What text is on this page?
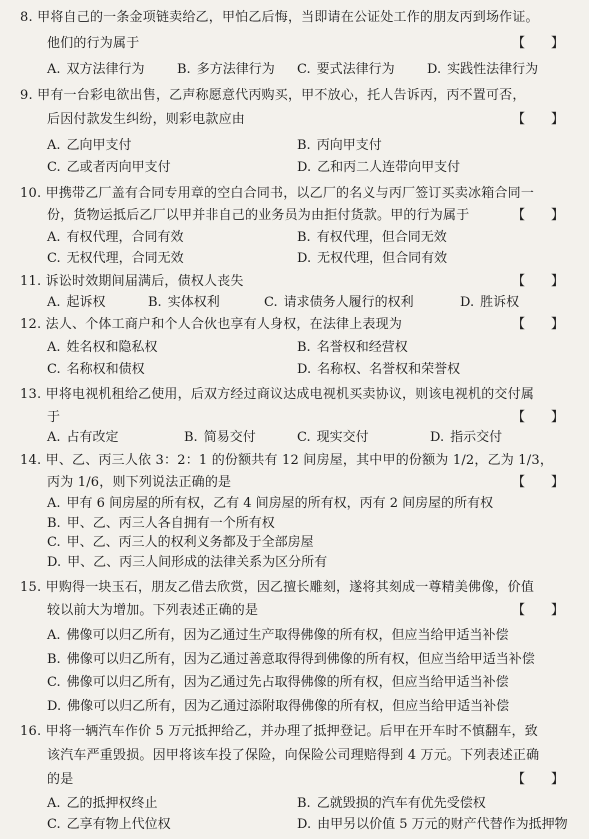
8. 甲将自己的一条金项链卖给乙，甲怕乙后悔，当即请在公证处工作的朋友丙到场作证。
他们的行为属于	【　　】
A. 双方法律行为 B. 多方法律行为 C. 要式法律行为 D. 实践性法律行为
9. 甲有一台彩电欲出售，乙声称愿意代丙购买，甲不放心，托人告诉丙，丙不置可否，
后因付款发生纠纷，则彩电款应由	【　　】
A. 乙向甲支付	B. 丙向甲支付
C. 乙或者丙向甲支付	D. 乙和丙二人连带向甲支付
10. 甲携带乙厂盖有合同专用章的空白合同书，以乙厂的名义与丙厂签订买卖冰箱合同一
份，货物运抵后乙厂以甲并非自己的业务员为由拒付货款。甲的行为属于	【　　】
A. 有权代理，合同有效	B. 有权代理，但合同无效
C. 无权代理，合同无效	D. 无权代理，但合同有效
11. 诉讼时效期间届满后，债权人丧失	【　　】
A. 起诉权	B. 实体权利	C. 请求债务人履行的权利	D. 胜诉权
12. 法人、个体工商户和个人合伙也享有人身权，在法律上表现为	【　　】
A. 姓名权和隐私权	B. 名誉权和经营权
C. 名称权和债权	D. 名称权、名誉权和荣誉权
13. 甲将电视机租给乙使用，后双方经过商议达成电视机买卖协议，则该电视机的交付属
于	【　　】
A. 占有改定	B. 简易交付	C. 现实交付	D. 指示交付
14. 甲、乙、丙三人依 3：2：1 的份额共有 12 间房屋，其中甲的份额为 1/2，乙为 1/3，
丙为 1/6，则下列说法正确的是	【　　】
A. 甲有 6 间房屋的所有权，乙有 4 间房屋的所有权，丙有 2 间房屋的所有权
B. 甲、乙、丙三人各自拥有一个所有权
C. 甲、乙、丙三人的权利义务都及于全部房屋
D. 甲、乙、丙三人间形成的法律关系为区分所有
15. 甲购得一块玉石，朋友乙借去欣赏，因乙擅长雕刻，遂将其刻成一尊精美佛像，价值
较以前大为增加。下列表述正确的是	【　　】
A. 佛像可以归乙所有，因为乙通过生产取得佛像的所有权，但应当给甲适当补偿
B. 佛像可以归乙所有，因为乙通过善意取得得到佛像的所有权，但应当给甲适当补偿
C. 佛像可以归乙所有，因为乙通过先占取得佛像的所有权，但应当给甲适当补偿
D. 佛像可以归乙所有，因为乙通过添附取得佛像的所有权，但应当给甲适当补偿
16. 甲将一辆汽车作价 5 万元抵押给乙，并办理了抵押登记。后甲在开车时不慎翻车，致
该汽车严重毁损。因甲将该车投了保险，向保险公司理赔得到 4 万元。下列表述正确
的是	【　　】
A. 乙的抵押权终止	B. 乙就毁损的汽车有优先受偿权
C. 乙享有物上代位权	D. 由甲另以价值 5 万元的财产代替作为抵押物
